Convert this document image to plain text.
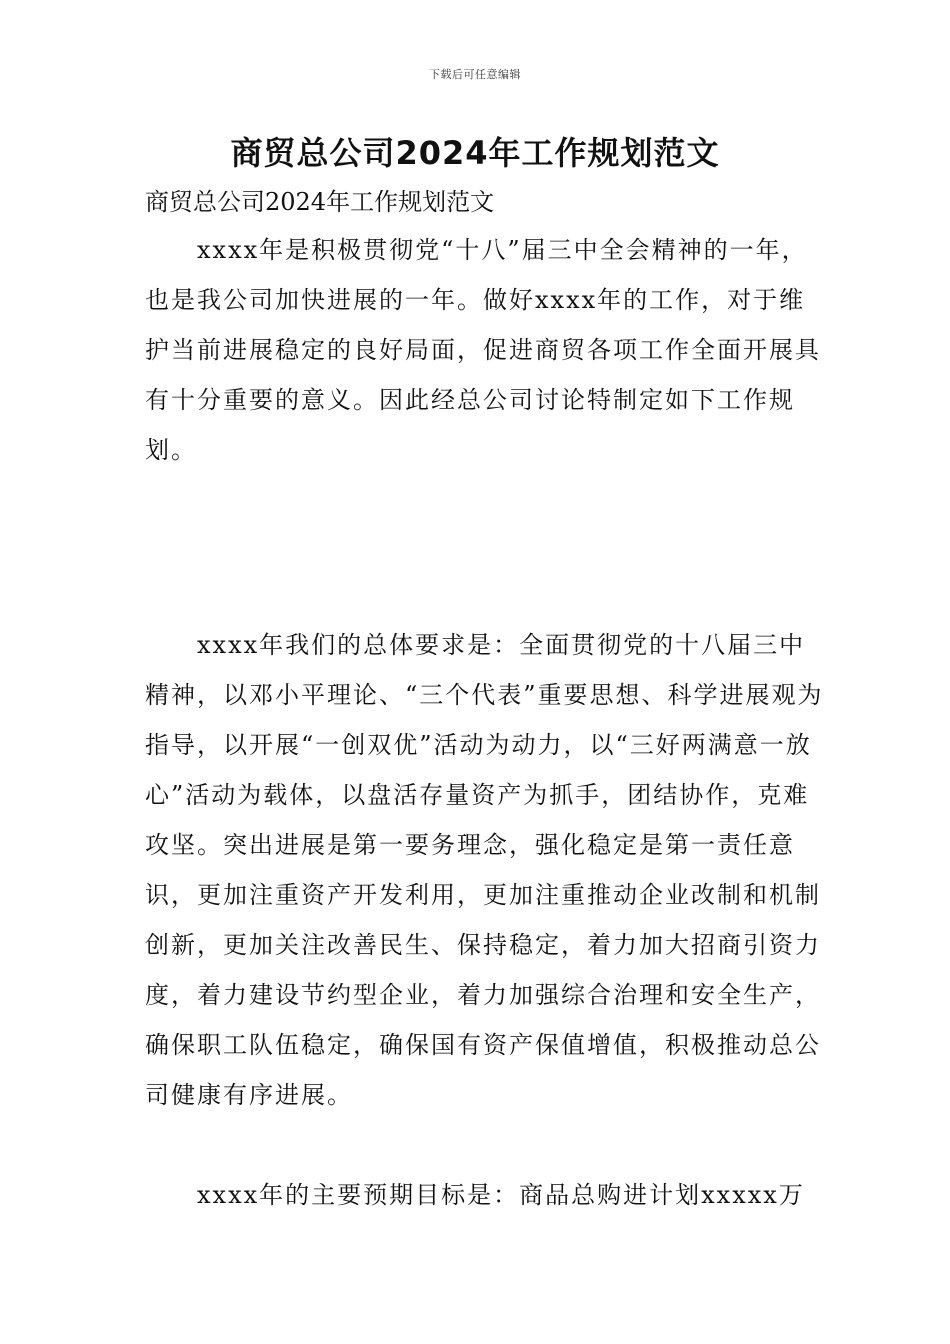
下载后可任意编辑
商贸总公司2024年工作规划范文

商贸总公司2024年工作规划范文

xxxx年是积极贯彻党“十八”届三中全会精神的一年，也是我公司加快进展的一年。做好xxxx年的工作，对于维护当前进展稳定的良好局面，促进商贸各项工作全面开展具有十分重要的意义。因此经总公司讨论特制定如下工作规划。

xxxx年我们的总体要求是：全面贯彻党的十八届三中精神，以邓小平理论、“三个代表”重要思想、科学进展观为指导，以开展“一创双优”活动为动力，以“三好两满意一放心”活动为载体，以盘活存量资产为抓手，团结协作，克难攻坚。突出进展是第一要务理念，强化稳定是第一责任意识，更加注重资产开发利用，更加注重推动企业改制和机制创新，更加关注改善民生、保持稳定，着力加大招商引资力度，着力建设节约型企业，着力加强综合治理和安全生产，确保职工队伍稳定，确保国有资产保值增值，积极推动总公司健康有序进展。

xxxx年的主要预期目标是：商品总购进计划xxxxx万
